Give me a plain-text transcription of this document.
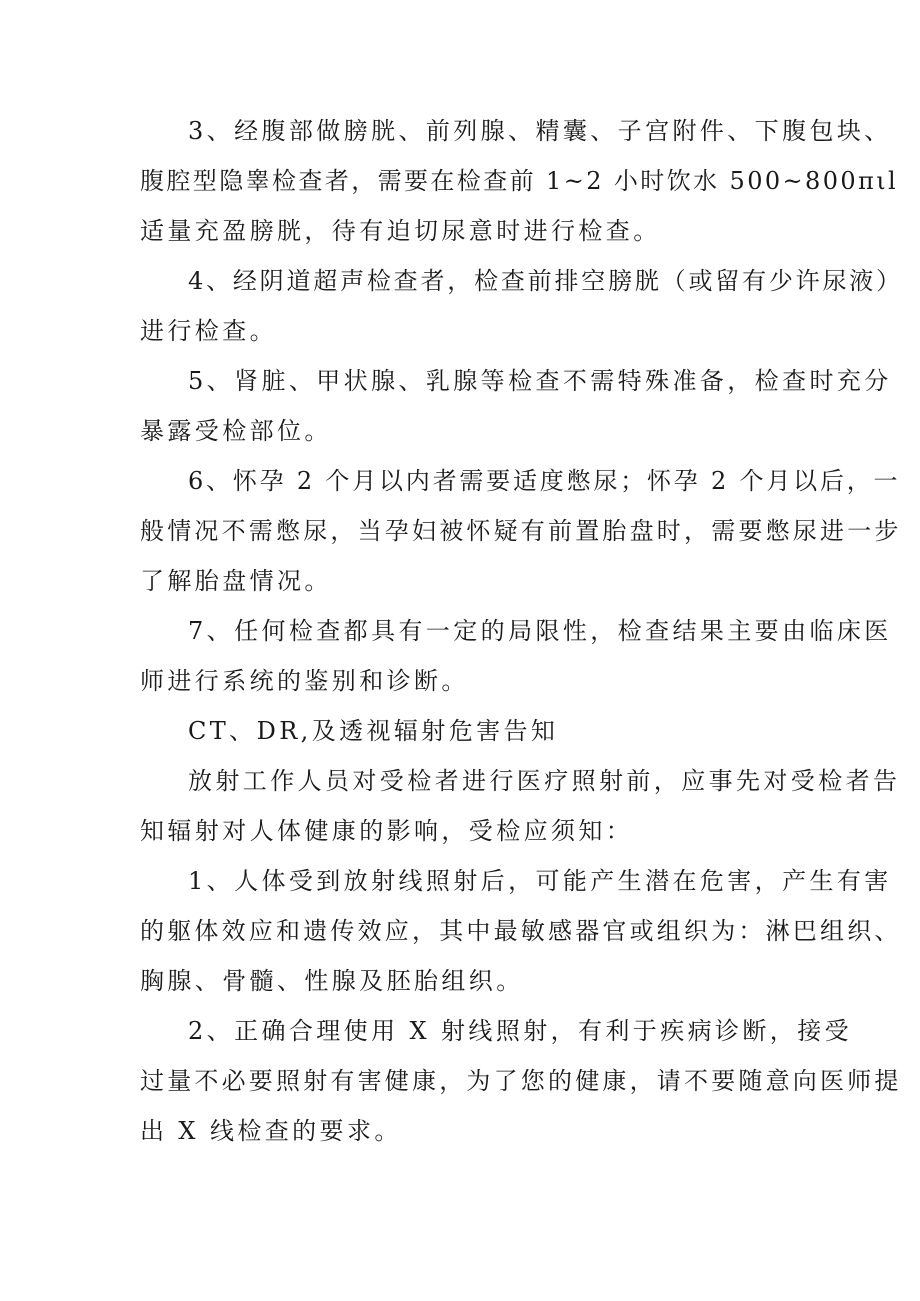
3、经腹部做膀胱、前列腺、精囊、子宫附件、下腹包块、
腹腔型隐睾检查者，需要在检查前 1~2 小时饮水 500~800πιl
适量充盈膀胱，待有迫切尿意时进行检查。
4、经阴道超声检查者，检查前排空膀胱（或留有少许尿液）
进行检查。
5、肾脏、甲状腺、乳腺等检查不需特殊准备，检查时充分
暴露受检部位。
6、怀孕 2 个月以内者需要适度憋尿；怀孕 2 个月以后，一
般情况不需憋尿，当孕妇被怀疑有前置胎盘时，需要憋尿进一步
了解胎盘情况。
7、任何检查都具有一定的局限性，检查结果主要由临床医
师进行系统的鉴别和诊断。
CT、DR,及透视辐射危害告知
放射工作人员对受检者进行医疗照射前，应事先对受检者告
知辐射对人体健康的影响，受检应须知：
1、人体受到放射线照射后，可能产生潜在危害，产生有害
的躯体效应和遗传效应，其中最敏感器官或组织为：淋巴组织、
胸腺、骨髓、性腺及胚胎组织。
2、正确合理使用 X 射线照射，有利于疾病诊断，接受
过量不必要照射有害健康，为了您的健康，请不要随意向医师提
出 X 线检查的要求。
